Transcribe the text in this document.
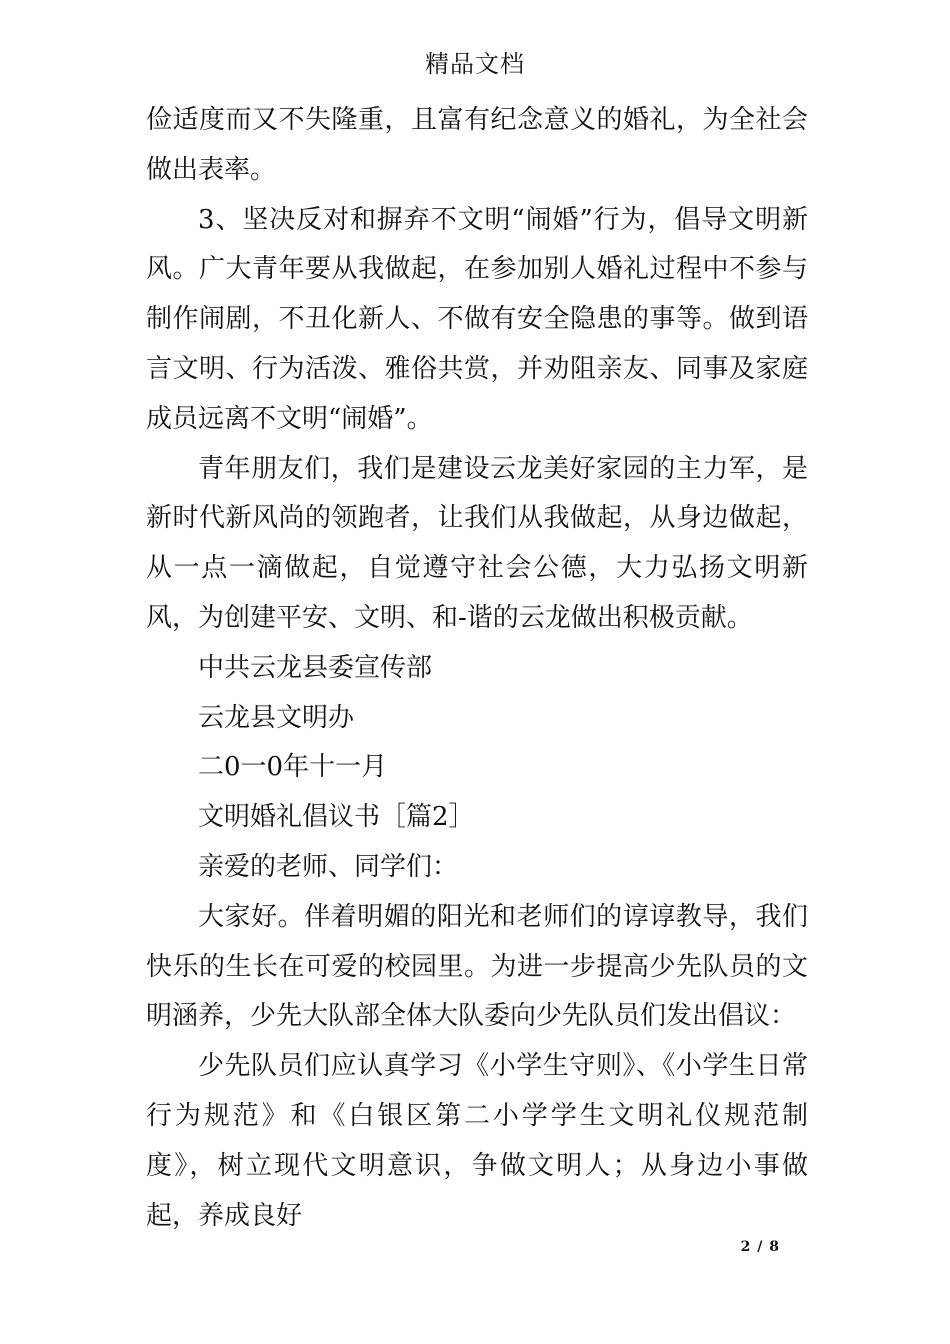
精品文档

俭适度而又不失隆重，且富有纪念意义的婚礼，为全社会做出表率。

3、坚决反对和摒弃不文明“闹婚”行为，倡导文明新风。广大青年要从我做起，在参加别人婚礼过程中不参与制作闹剧，不丑化新人、不做有安全隐患的事等。做到语言文明、行为活泼、雅俗共赏，并劝阻亲友、同事及家庭成员远离不文明“闹婚”。

青年朋友们，我们是建设云龙美好家园的主力军，是新时代新风尚的领跑者，让我们从我做起，从身边做起，从一点一滴做起，自觉遵守社会公德，大力弘扬文明新风，为创建平安、文明、和-谐的云龙做出积极贡献。

中共云龙县委宣传部

云龙县文明办

二0一0年十一月

文明婚礼倡议书［篇2］

亲爱的老师、同学们：

大家好。伴着明媚的阳光和老师们的谆谆教导，我们快乐的生长在可爱的校园里。为进一步提高少先队员的文明涵养，少先大队部全体大队委向少先队员们发出倡议：

少先队员们应认真学习《小学生守则》、《小学生日常行为规范》和《白银区第二小学学生文明礼仪规范制度》，树立现代文明意识，争做文明人；从身边小事做起，养成良好

2 / 8
